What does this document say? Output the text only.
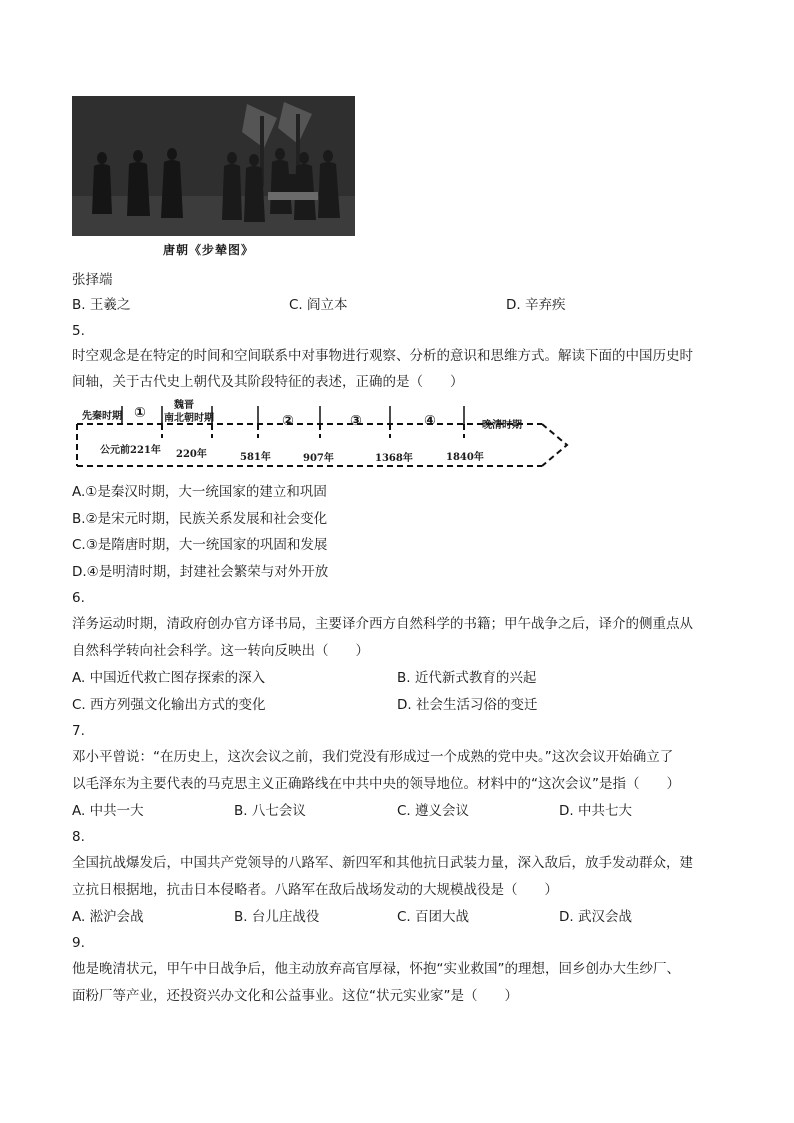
唐朝《步辇图》
张择端
B. 王羲之	C. 阎立本	D. 辛弃疾
5.
时空观念是在特定的时间和空间联系中对事物进行观察、分析的意识和思维方式。解读下面的中国历史时
间轴，关于古代史上朝代及其阶段特征的表述，正确的是（　　）
先秦时期 ①	魏晋
南北朝时期	②	③	④	晚清时期
公元前221年 220年	581年	907年	1368年	1840年
A.①是秦汉时期，大一统国家的建立和巩固
B.②是宋元时期，民族关系发展和社会变化
C.③是隋唐时期，大一统国家的巩固和发展
D.④是明清时期，封建社会繁荣与对外开放
6.
洋务运动时期，清政府创办官方译书局，主要译介西方自然科学的书籍；甲午战争之后，译介的侧重点从
自然科学转向社会科学。这一转向反映出（　　）
A. 中国近代救亡图存探索的深入	B. 近代新式教育的兴起
C. 西方列强文化输出方式的变化	D. 社会生活习俗的变迁
7.
邓小平曾说：“在历史上，这次会议之前，我们党没有形成过一个成熟的党中央。”这次会议开始确立了
以毛泽东为主要代表的马克思主义正确路线在中共中央的领导地位。材料中的“这次会议”是指（　　）
A. 中共一大	B. 八七会议	C. 遵义会议	D. 中共七大
8.
全国抗战爆发后，中国共产党领导的八路军、新四军和其他抗日武装力量，深入敌后，放手发动群众，建
立抗日根据地，抗击日本侵略者。八路军在敌后战场发动的大规模战役是（　　）
A. 淞沪会战	B. 台儿庄战役	C. 百团大战	D. 武汉会战
9.
他是晚清状元，甲午中日战争后，他主动放弃高官厚禄，怀抱“实业救国”的理想，回乡创办大生纱厂、
面粉厂等产业，还投资兴办文化和公益事业。这位“状元实业家”是（　　）
